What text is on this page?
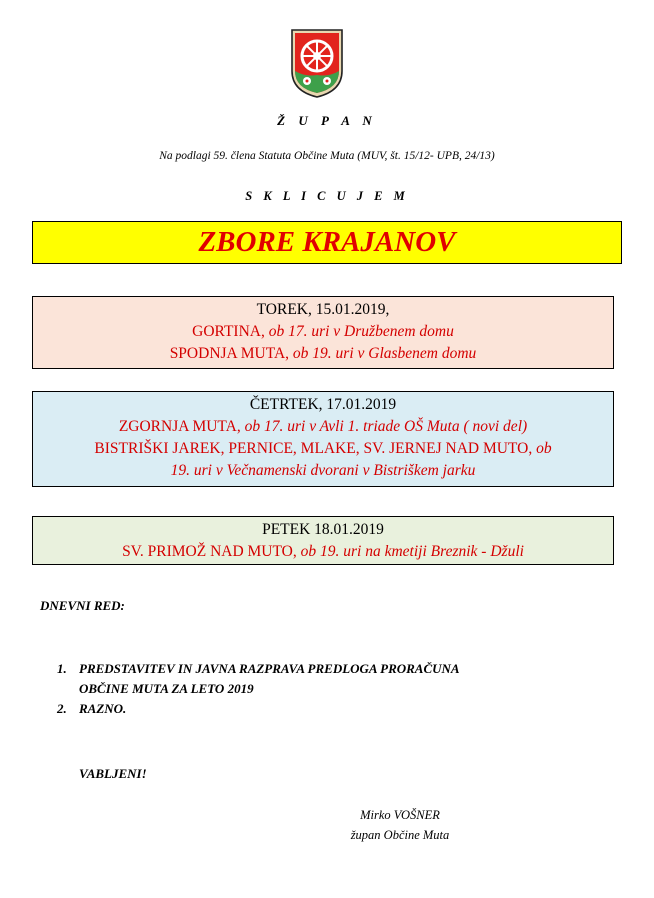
Ž U P A N
Na podlagi 59. člena Statuta Občine Muta (MUV, št. 15/12- UPB, 24/13)
S K L I C U J E M
ZBORE KRAJANOV
TOREK, 15.01.2019,
GORTINA, ob 17. uri v Družbenem domu
SPODNJA MUTA, ob 19. uri v Glasbenem domu
ČETRTEK, 17.01.2019
ZGORNJA MUTA, ob 17. uri v Avli 1. triade OŠ Muta ( novi del)
BISTRIŠKI JAREK, PERNICE, MLAKE, SV. JERNEJ NAD MUTO, ob
19. uri v Večnamenski dvorani v Bistriškem jarku
PETEK 18.01.2019
SV. PRIMOŽ NAD MUTO, ob 19. uri na kmetiji Breznik - Džuli
DNEVNI RED:
1. PREDSTAVITEV IN JAVNA RAZPRAVA PREDLOGA PRORAČUNA
OBČINE MUTA ZA LETO 2019
2. RAZNO.
VABLJENI!
Mirko VOŠNER
župan Občine Muta
